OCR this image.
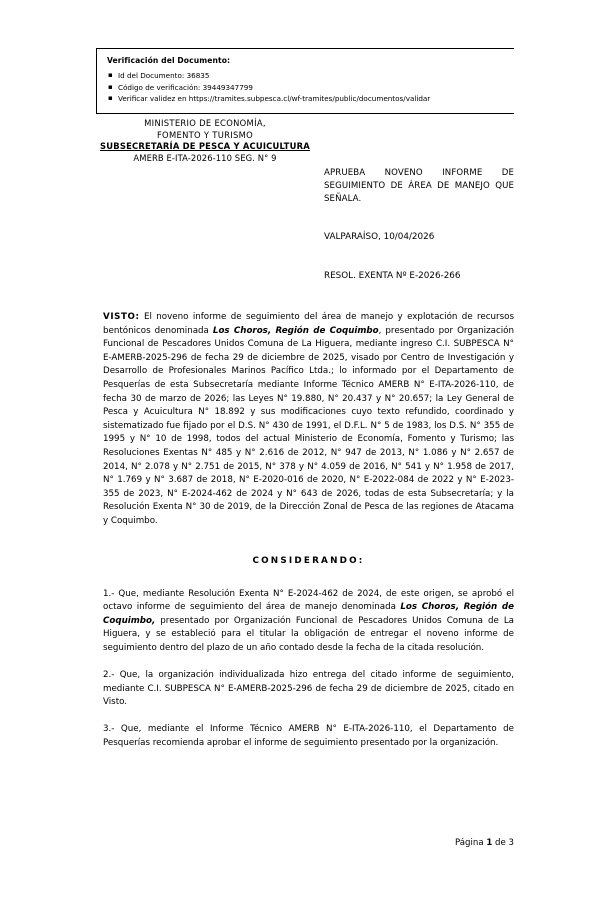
Verificación del Documento:
▪ Id del Documento: 36835
▪ Código de verificación: 39449347799
▪ Verificar validez en https://tramites.subpesca.cl/wf-tramites/public/documentos/validar
MINISTERIO DE ECONOMÍA,
FOMENTO Y TURISMO
SUBSECRETARÍA DE PESCA Y ACUICULTURA
AMERB E-ITA-2026-110 SEG. N° 9
APRUEBA NOVENO INFORME DE SEGUIMIENTO DE ÁREA DE MANEJO QUE SEÑALA.
VALPARAÍSO, 10/04/2026
RESOL. EXENTA Nº E-2026-266

VISTO: El noveno informe de seguimiento del área de manejo y explotación de recursos bentónicos denominada Los Choros, Región de Coquimbo, presentado por Organización Funcional de Pescadores Unidos Comuna de La Higuera, mediante ingreso C.I. SUBPESCA N° E-AMERB-2025-296 de fecha 29 de diciembre de 2025, visado por Centro de Investigación y Desarrollo de Profesionales Marinos Pacífico Ltda.; lo informado por el Departamento de Pesquerías de esta Subsecretaría mediante Informe Técnico AMERB N° E-ITA-2026-110, de fecha 30 de marzo de 2026; las Leyes N° 19.880, N° 20.437 y N° 20.657; la Ley General de Pesca y Acuicultura N° 18.892 y sus modificaciones cuyo texto refundido, coordinado y sistematizado fue fijado por el D.S. N° 430 de 1991, el D.F.L. N° 5 de 1983, los D.S. N° 355 de 1995 y N° 10 de 1998, todos del actual Ministerio de Economía, Fomento y Turismo; las Resoluciones Exentas N° 485 y N° 2.616 de 2012, N° 947 de 2013, N° 1.086 y N° 2.657 de 2014, N° 2.078 y N° 2.751 de 2015, N° 378 y N° 4.059 de 2016, N° 541 y N° 1.958 de 2017, N° 1.769 y N° 3.687 de 2018, N° E-2020-016 de 2020, N° E-2022-084 de 2022 y N° E-2023-355 de 2023, N° E-2024-462 de 2024 y N° 643 de 2026, todas de esta Subsecretaría; y la Resolución Exenta N° 30 de 2019, de la Dirección Zonal de Pesca de las regiones de Atacama y Coquimbo.

CONSIDERANDO:

1.- Que, mediante Resolución Exenta N° E-2024-462 de 2024, de este origen, se aprobó el octavo informe de seguimiento del área de manejo denominada Los Choros, Región de Coquimbo, presentado por Organización Funcional de Pescadores Unidos Comuna de La Higuera, y se estableció para el titular la obligación de entregar el noveno informe de seguimiento dentro del plazo de un año contado desde la fecha de la citada resolución.

2.- Que, la organización individualizada hizo entrega del citado informe de seguimiento, mediante C.I. SUBPESCA N° E-AMERB-2025-296 de fecha 29 de diciembre de 2025, citado en Visto.

3.- Que, mediante el Informe Técnico AMERB N° E-ITA-2026-110, el Departamento de Pesquerías recomienda aprobar el informe de seguimiento presentado por la organización.

Página 1 de 3
